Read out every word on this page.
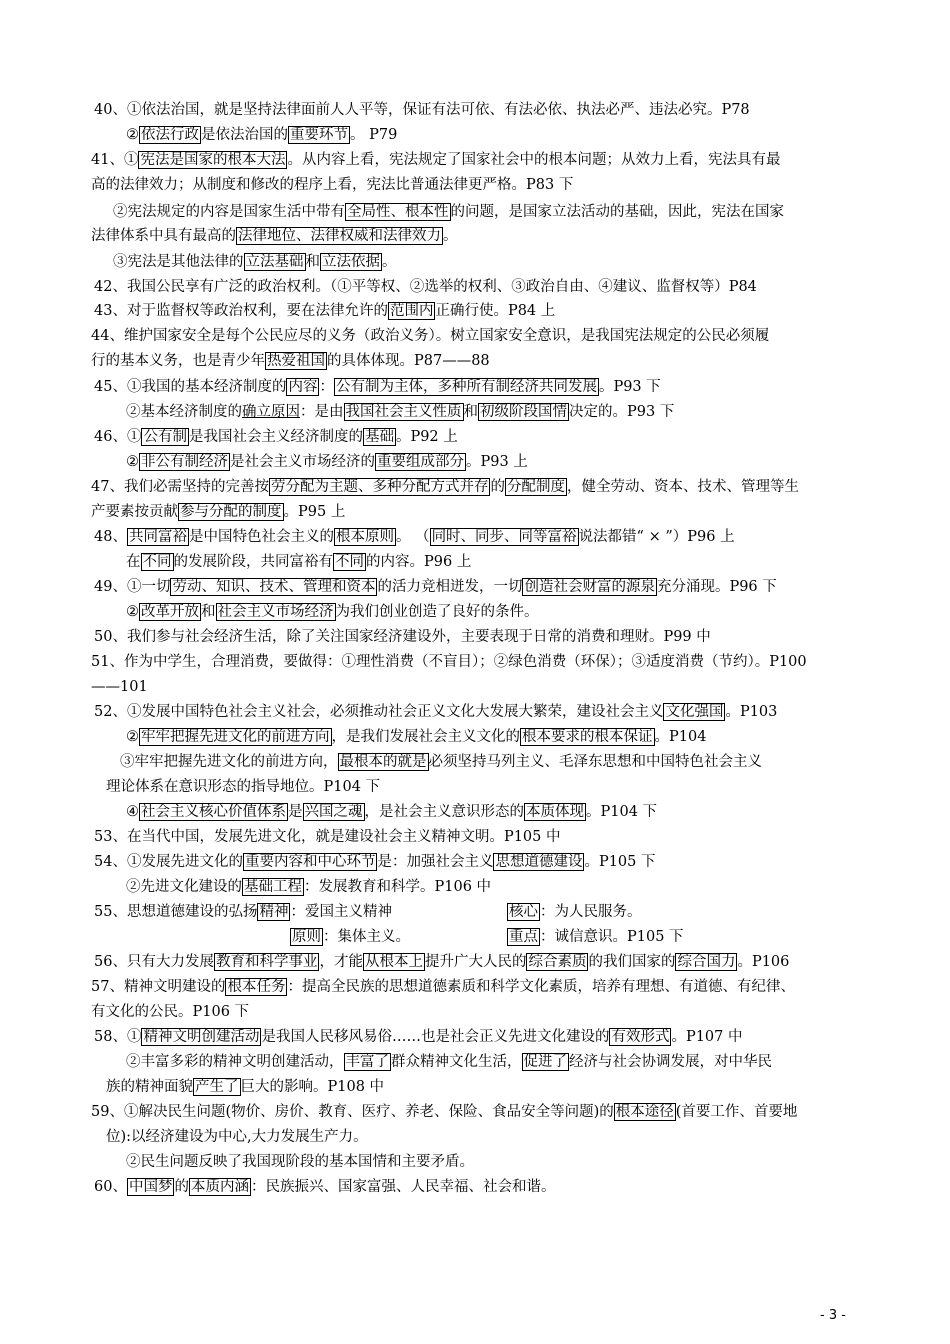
40、①依法治国，就是坚持法律面前人人平等，保证有法可依、有法必依、执法必严、违法必究。P78
② 依法行政 是依法治国的 重要环节 。 P79
41、① 宪法是国家的根本大法 。从内容上看，宪法规定了国家社会中的根本问题；从效力上看，宪法具有最
高的法律效力；从制度和修改的程序上看，宪法比普通法律更严格。P83 下
②宪法规定的内容是国家生活中带有 全局性、根本性 的问题，是国家立法活动的基础，因此，宪法在国家
法律体系中具有最高的 法律地位、法律权威和法律效力 。
③宪法是其他法律的 立法基础 和 立法依据 。
42、我国公民享有广泛的政治权利。（①平等权、②选举的权利、③政治自由、④建议、监督权等）P84
43、对于监督权等政治权利，要在法律允许的 范围内 正确行使。P84 上
44、维护国家安全是每个公民应尽的义务（政治义务）。树立国家安全意识，是我国宪法规定的公民必须履
行的基本义务，也是青少年 热爱祖国 的具体体现。P87——88
45、①我国的基本经济制度的 内容 ： 公有制为主体，多种所有制经济共同发展 。P93 下
②基本经济制度的确立原因：是由 我国社会主义性质 和 初级阶段国情 决定的。P93 下
46、① 公有制 是我国社会主义经济制度的 基础 。P92 上
② 非公有制经济 是社会主义市场经济的 重要组成部分 。P93 上
47、我们必需坚持的完善按 劳分配为主题、多种分配方式并存 的 分配制度 ，健全劳动、资本、技术、管理等生
产要素按贡献 参与分配的制度 。P95 上
48、 共同富裕 是中国特色社会主义的 根本原则 。 （ 同时、同步、同等富裕 说法都错“ × ”）P96 上
在 不同 的发展阶段，共同富裕有 不同 的内容。P96 上
49、①一切 劳动、知识、技术、管理和资本 的活力竞相迸发，一切 创造社会财富的源泉 充分涌现。P96 下
② 改革开放 和 社会主义市场经济 为我们创业创造了良好的条件。
50、我们参与社会经济生活，除了关注国家经济建设外，主要表现于日常的消费和理财。P99 中
51、作为中学生，合理消费，要做得：①理性消费（不盲目）；②绿色消费（环保）；③适度消费（节约）。P100
——101
52、①发展中国特色社会主义社会，必须推动社会正义文化大发展大繁荣，建设社会主义 文化强国 。P103
② 牢牢把握先进文化的前进方向 ，是我们发展社会主义文化的 根本要求的根本保证 。P104
③牢牢把握先进文化的前进方向， 最根本的就是 必须坚持马列主义、毛泽东思想和中国特色社会主义
理论体系在意识形态的指导地位。P104 下
④ 社会主义核心价值体系 是 兴国之魂 ，是社会主义意识形态的 本质体现 。P104 下
53、在当代中国，发展先进文化，就是建设社会主义精神文明。P105 中
54、①发展先进文化的 重要内容和中心环节 是：加强社会主义 思想道德建设 。P105 下
②先进文化建设的 基础工程 ：发展教育和科学。P106 中
55、思想道德建设的弘扬 精神 ：爱国主义精神	核心 ：为人民服务。
原则 ：集体主义。	重点 ：诚信意识。P105 下
56、只有大力发展 教育和科学事业 ，才能 从根本上 提升广大人民的 综合素质 的我们国家的 综合国力 。P106
57、精神文明建设的 根本任务 ：提高全民族的思想道德素质和科学文化素质，培养有理想、有道德、有纪律、
有文化的公民。P106 下
58、① 精神文明创建活动 是我国人民移风易俗……也是社会正义先进文化建设的 有效形式 。P107 中
②丰富多彩的精神文明创建活动， 丰富了 群众精神文化生活， 促进了 经济与社会协调发展，对中华民
族的精神面貌 产生了 巨大的影响。P108 中
59、①解决民生问题(物价、房价、教育、医疗、养老、保险、食品安全等问题)的 根本途径 (首要工作、首要地
位):以经济建设为中心,大力发展生产力。
②民生问题反映了我国现阶段的基本国情和主要矛盾。
60、 中国梦 的 本质内涵 ：民族振兴、国家富强、人民幸福、社会和谐。
- 3 -
